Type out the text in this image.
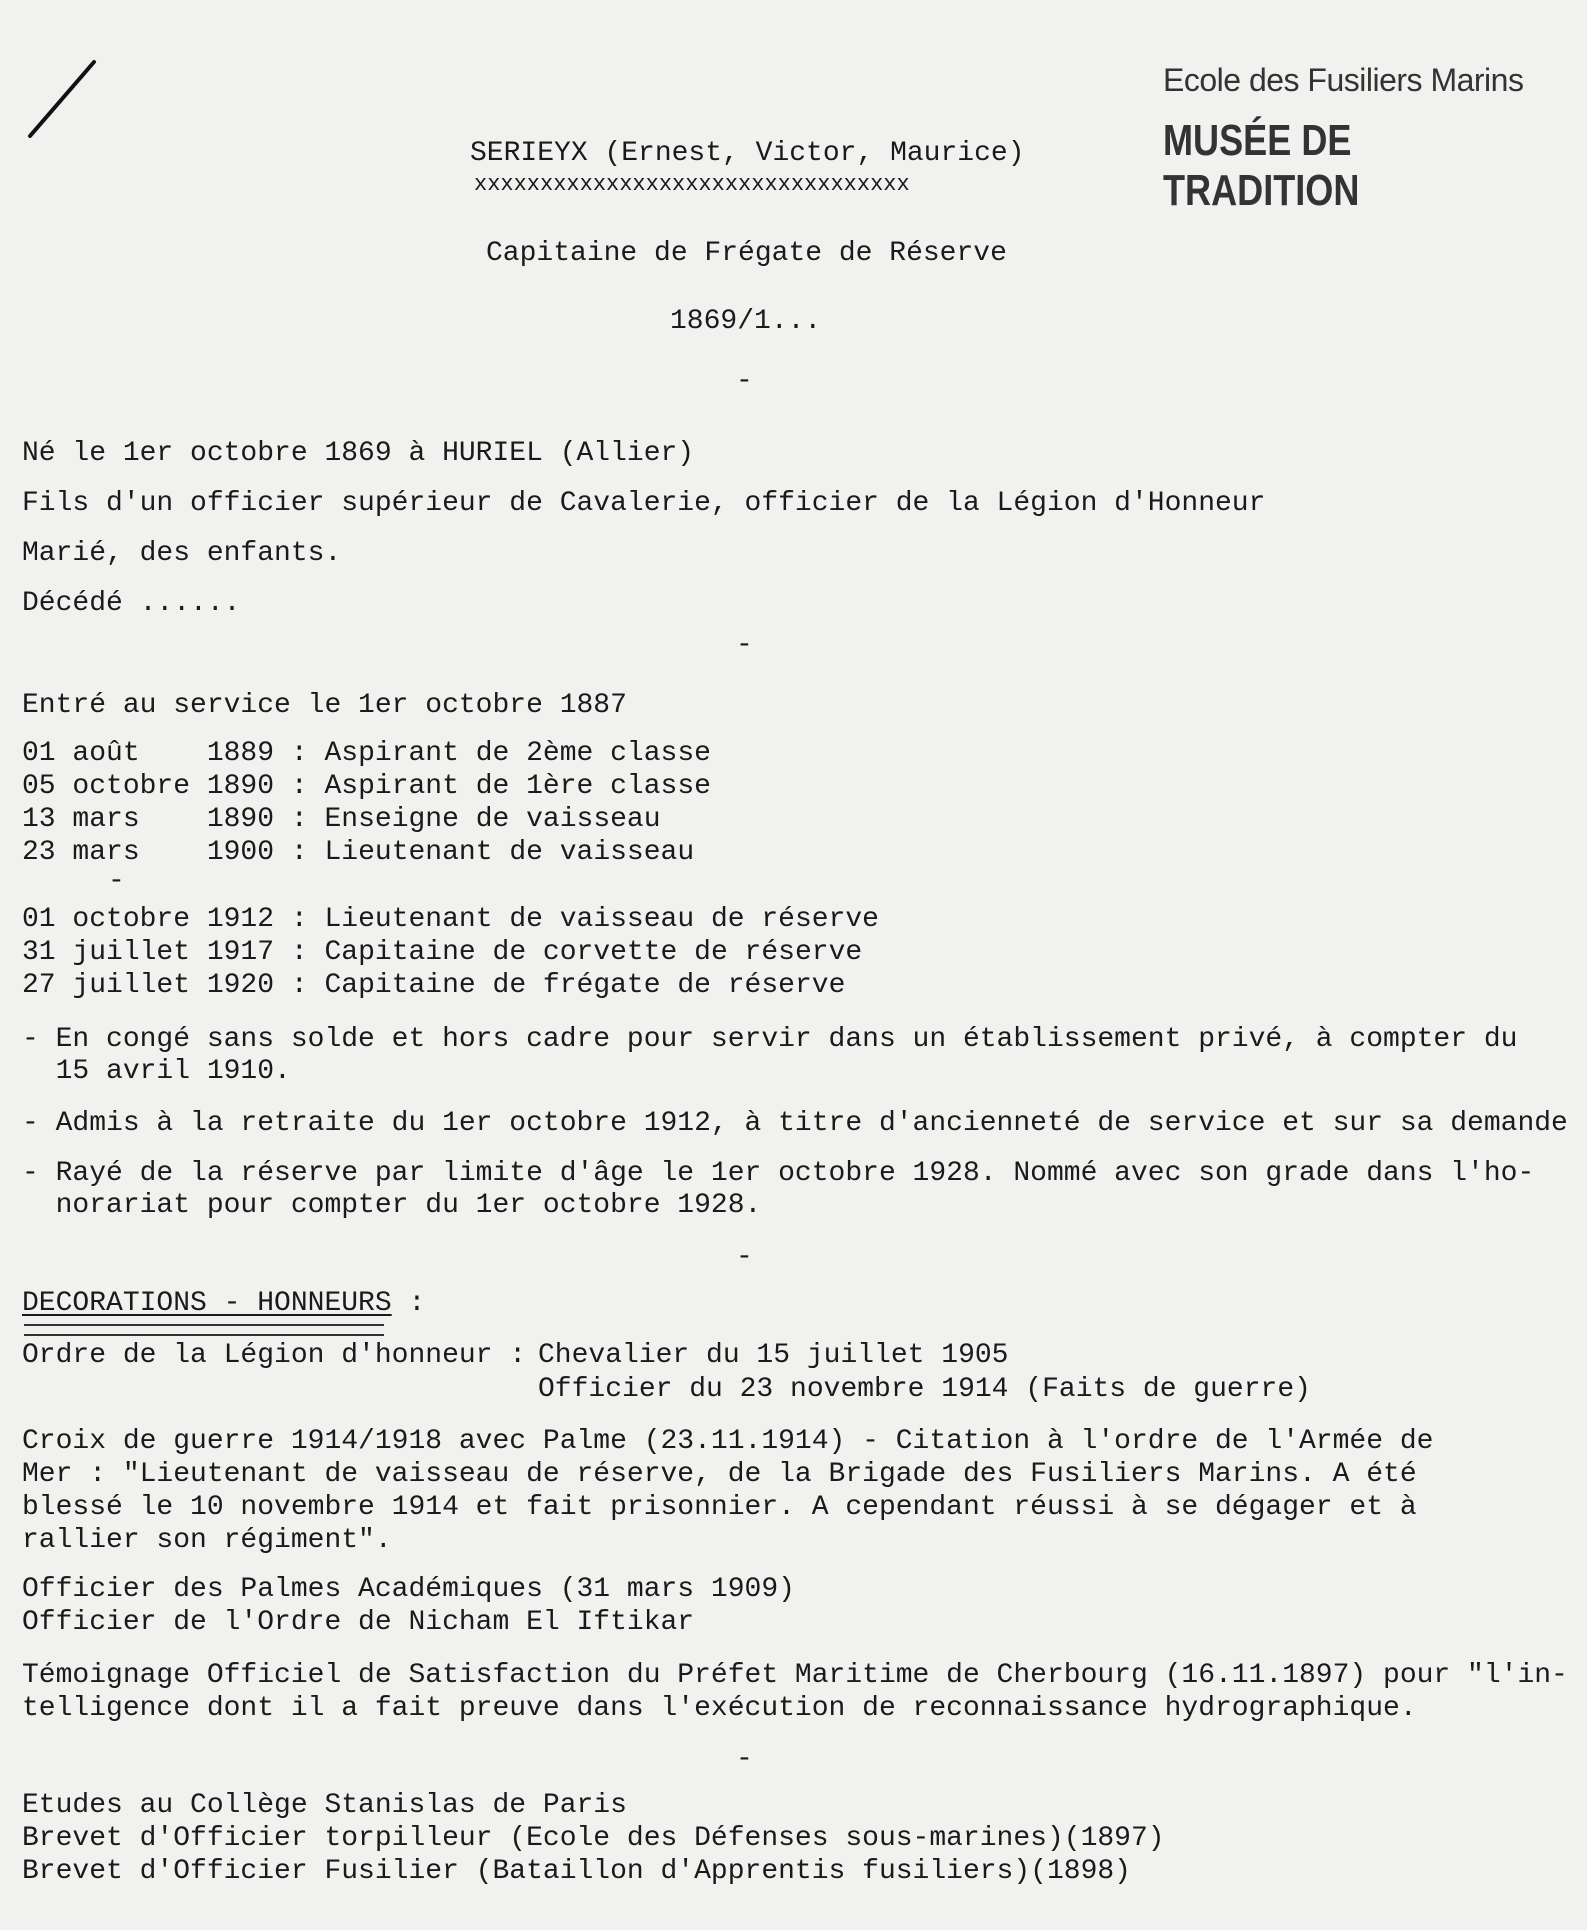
Ecole des Fusiliers Marins
MUSÉE DE TRADITION
SERIEYX (Ernest, Victor, Maurice)
xxxxxxxxxxxxxxxxxxxxxxxxxxxxxxxxx
Capitaine de Frégate de Réserve
1869/1...
-
Né le 1er octobre 1869 à HURIEL (Allier)
Fils d'un officier supérieur de Cavalerie, officier de la Légion d'Honneur
Marié, des enfants.
Décédé ......
-
Entré au service le 1er octobre 1887
01 août    1889 : Aspirant de 2ème classe
05 octobre 1890 : Aspirant de 1ère classe
13 mars    1890 : Enseigne de vaisseau
23 mars    1900 : Lieutenant de vaisseau
-
01 octobre 1912 : Lieutenant de vaisseau de réserve
31 juillet 1917 : Capitaine de corvette de réserve
27 juillet 1920 : Capitaine de frégate de réserve
- En congé sans solde et hors cadre pour servir dans un établissement privé, à compter du
15 avril 1910.
- Admis à la retraite du 1er octobre 1912, à titre d'ancienneté de service et sur sa demande
- Rayé de la réserve par limite d'âge le 1er octobre 1928. Nommé avec son grade dans l'ho-
norariat pour compter du 1er octobre 1928.
-
DECORATIONS - HONNEURS :
Ordre de la Légion d'honneur : Chevalier du 15 juillet 1905
Officier du 23 novembre 1914 (Faits de guerre)
Croix de guerre 1914/1918 avec Palme (23.11.1914) - Citation à l'ordre de l'Armée de
Mer : "Lieutenant de vaisseau de réserve, de la Brigade des Fusiliers Marins. A été
blessé le 10 novembre 1914 et fait prisonnier. A cependant réussi à se dégager et à
rallier son régiment".
Officier des Palmes Académiques (31 mars 1909)
Officier de l'Ordre de Nicham El Iftikar
Témoignage Officiel de Satisfaction du Préfet Maritime de Cherbourg (16.11.1897) pour "l'in-
telligence dont il a fait preuve dans l'exécution de reconnaissance hydrographique.
-
Etudes au Collège Stanislas de Paris
Brevet d'Officier torpilleur (Ecole des Défenses sous-marines)(1897)
Brevet d'Officier Fusilier (Bataillon d'Apprentis fusiliers)(1898)
